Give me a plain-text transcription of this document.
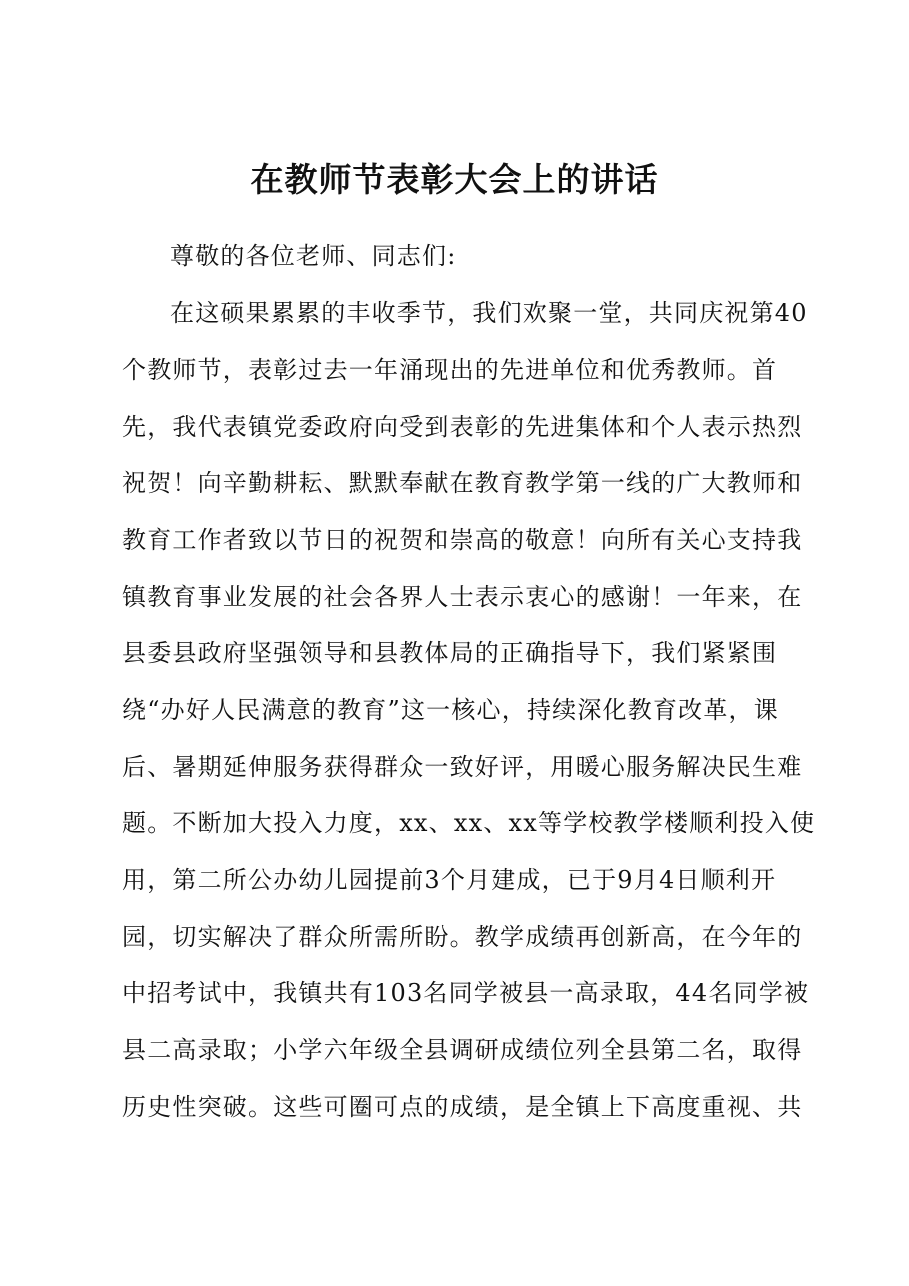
在教师节表彰大会上的讲话

尊敬的各位老师、同志们:

在这硕果累累的丰收季节，我们欢聚一堂，共同庆祝第40

个教师节，表彰过去一年涌现出的先进单位和优秀教师。首

先，我代表镇党委政府向受到表彰的先进集体和个人表示热烈

祝贺！向辛勤耕耘、默默奉献在教育教学第一线的广大教师和

教育工作者致以节日的祝贺和崇高的敬意！向所有关心支持我

镇教育事业发展的社会各界人士表示衷心的感谢！一年来，在

县委县政府坚强领导和县教体局的正确指导下，我们紧紧围

绕“办好人民满意的教育”这一核心，持续深化教育改革，课

后、暑期延伸服务获得群众一致好评，用暖心服务解决民生难

题。不断加大投入力度，xx、xx、xx等学校教学楼顺利投入使

用，第二所公办幼儿园提前3个月建成，已于9月4日顺利开

园，切实解决了群众所需所盼。教学成绩再创新高，在今年的

中招考试中，我镇共有103名同学被县一高录取，44名同学被

县二高录取；小学六年级全县调研成绩位列全县第二名，取得

历史性突破。这些可圈可点的成绩，是全镇上下高度重视、共
